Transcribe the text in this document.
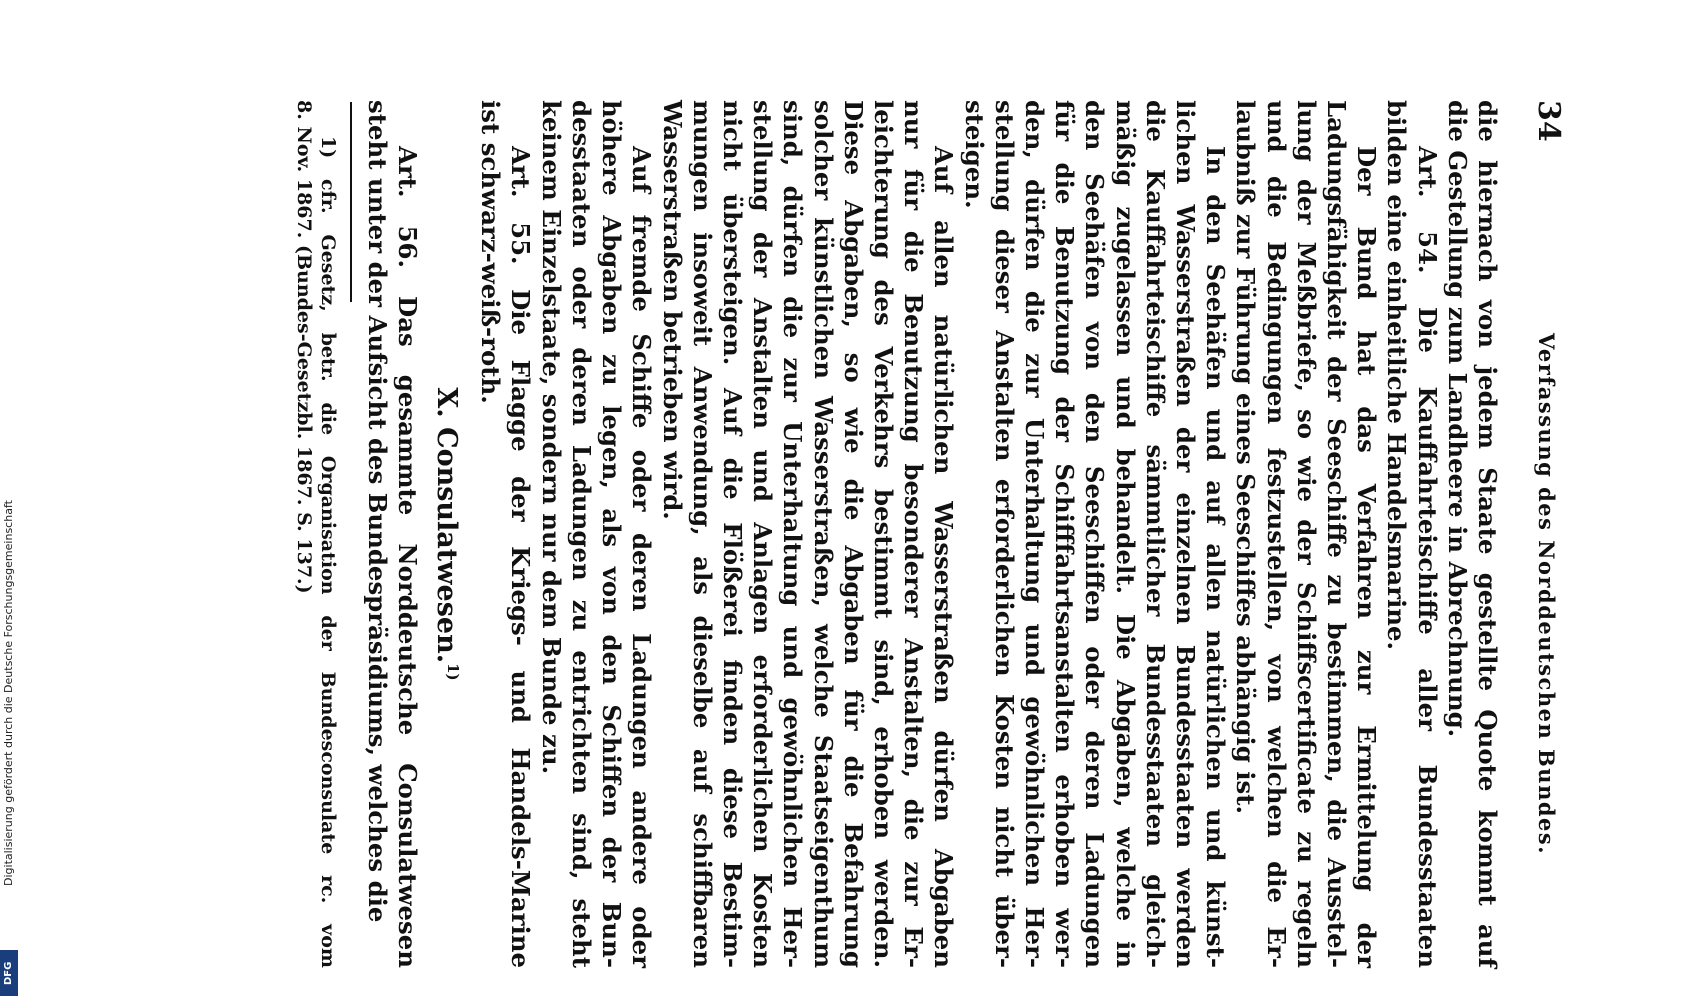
34
Verfassung des Norddeutschen Bundes.

die hiernach von jedem Staate gestellte Quote kommt auf

die Gestellung zum Landheere in Abrechnung.

Art. 54. Die Kauffahrteischiffe aller Bundesstaaten

bilden eine einheitliche Handelsmarine.

Der Bund hat das Verfahren zur Ermittelung der

Ladungsfähigkeit der Seeschiffe zu bestimmen, die Ausstel-

lung der Meßbriefe, so wie der Schiffscertificate zu regeln

und die Bedingungen festzustellen, von welchen die Er-

laubniß zur Führung eines Seeschiffes abhängig ist.

In den Seehäfen und auf allen natürlichen und künst-

lichen Wasserstraßen der einzelnen Bundesstaaten werden

die Kauffahrteischiffe sämmtlicher Bundesstaaten gleich-

mäßig zugelassen und behandelt. Die Abgaben, welche in

den Seehäfen von den Seeschiffen oder deren Ladungen

für die Benutzung der Schifffahrtsanstalten erhoben wer-

den, dürfen die zur Unterhaltung und gewöhnlichen Her-

stellung dieser Anstalten erforderlichen Kosten nicht über-

steigen.

Auf allen natürlichen Wasserstraßen dürfen Abgaben

nur für die Benutzung besonderer Anstalten, die zur Er-

leichterung des Verkehrs bestimmt sind, erhoben werden.

Diese Abgaben, so wie die Abgaben für die Befahrung

solcher künstlichen Wasserstraßen, welche Staatseigenthum

sind, dürfen die zur Unterhaltung und gewöhnlichen Her-

stellung der Anstalten und Anlagen erforderlichen Kosten

nicht übersteigen. Auf die Flößerei finden diese Bestim-

mungen insoweit Anwendung, als dieselbe auf schiffbaren

Wasserstraßen betrieben wird.

Auf fremde Schiffe oder deren Ladungen andere oder

höhere Abgaben zu legen, als von den Schiffen der Bun-

desstaaten oder deren Ladungen zu entrichten sind, steht

keinem Einzelstaate, sondern nur dem Bunde zu.

Art. 55. Die Flagge der Kriegs- und Handels-Marine

ist schwarz-weiß-roth.

X. Consulatwesen.$^{1)}$

Art. 56. Das gesammte Norddeutsche Consulatwesen

steht unter der Aufsicht des Bundespräsidiums, welches die

1) cfr. Gesetz, betr. die Organisation der Bundesconsulate rc. vom

8. Nov. 1867. (Bundes-Gesetzbl. 1867. S. 137.)

Digitalisierung gefördert durch die Deutsche Forschungsgemeinschaft
DFG
